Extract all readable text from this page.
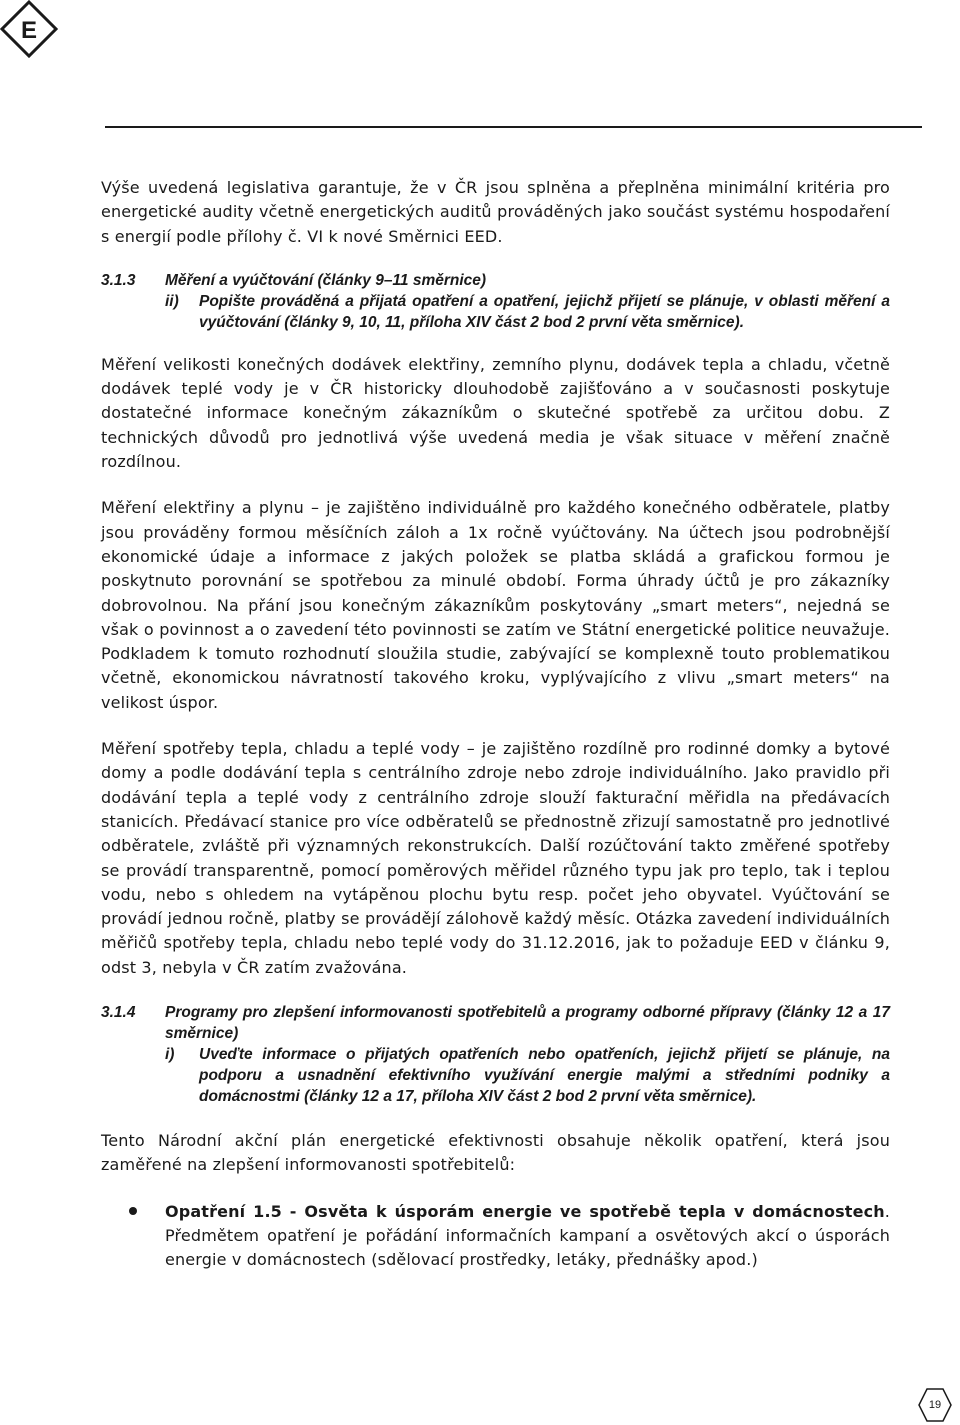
E

Výše uvedená legislativa garantuje, že v ČR jsou splněna a přeplněna minimální kritéria pro energetické audity včetně energetických auditů prováděných jako součást systému hospodaření s energií podle přílohy č. VI k nové Směrnici EED.

3.1.3	Měření a vyúčtování (články 9–11 směrnice)
ii)	Popište prováděná a přijatá opatření a opatření, jejichž přijetí se plánuje, v oblasti měření a vyúčtování (články 9, 10, 11, příloha XIV část 2 bod 2 první věta směrnice).

Měření velikosti konečných dodávek elektřiny, zemního plynu, dodávek tepla a chladu, včetně dodávek teplé vody je v ČR historicky dlouhodobě zajišťováno a v současnosti poskytuje dostatečné informace konečným zákazníkům o skutečné spotřebě za určitou dobu. Z technických důvodů pro jednotlivá výše uvedená media je však situace v měření značně rozdílnou.

Měření elektřiny a plynu – je zajištěno individuálně pro každého konečného odběratele, platby jsou prováděny formou měsíčních záloh a 1x ročně vyúčtovány. Na účtech jsou podrobnější ekonomické údaje a informace z jakých položek se platba skládá a grafickou formou je poskytnuto porovnání se spotřebou za minulé období. Forma úhrady účtů je pro zákazníky dobrovolnou. Na přání jsou konečným zákazníkům poskytovány „smart meters“, nejedná se však o povinnost a o zavedení této povinnosti se zatím ve Státní energetické politice neuvažuje. Podkladem k tomuto rozhodnutí sloužila studie, zabývající se komplexně touto problematikou včetně, ekonomickou návratností takového kroku, vyplývajícího z vlivu „smart meters“ na velikost úspor.

Měření spotřeby tepla, chladu a teplé vody – je zajištěno rozdílně pro rodinné domky a bytové domy a podle dodávání tepla s centrálního zdroje nebo zdroje individuálního. Jako pravidlo při dodávání tepla a teplé vody z centrálního zdroje slouží fakturační měřidla na předávacích stanicích. Předávací stanice pro více odběratelů se přednostně zřizují samostatně pro jednotlivé odběratele, zvláště při významných rekonstrukcích. Další rozúčtování takto změřené spotřeby se provádí transparentně, pomocí poměrových měřidel různého typu jak pro teplo, tak i teplou vodu, nebo s ohledem na vytápěnou plochu bytu resp. počet jeho obyvatel. Vyúčtování se provádí jednou ročně, platby se provádějí zálohově každý měsíc. Otázka zavedení individuálních měřičů spotřeby tepla, chladu nebo teplé vody do 31.12.2016, jak to požaduje EED v článku 9, odst 3, nebyla v ČR zatím zvažována.

3.1.4	Programy pro zlepšení informovanosti spotřebitelů a programy odborné přípravy (články 12 a 17 směrnice)
i)	Uveďte informace o přijatých opatřeních nebo opatřeních, jejichž přijetí se plánuje, na podporu a usnadnění efektivního využívání energie malými a středními podniky a domácnostmi (články 12 a 17, příloha XIV část 2 bod 2 první věta směrnice).

Tento Národní akční plán energetické efektivnosti obsahuje několik opatření, která jsou zaměřené na zlepšení informovanosti spotřebitelů:

Opatření 1.5 - Osvěta k úsporám energie ve spotřebě tepla v domácnostech. Předmětem opatření je pořádání informačních kampaní a osvětových akcí o úsporách energie v domácnostech (sdělovací prostředky, letáky, přednášky apod.)
19
